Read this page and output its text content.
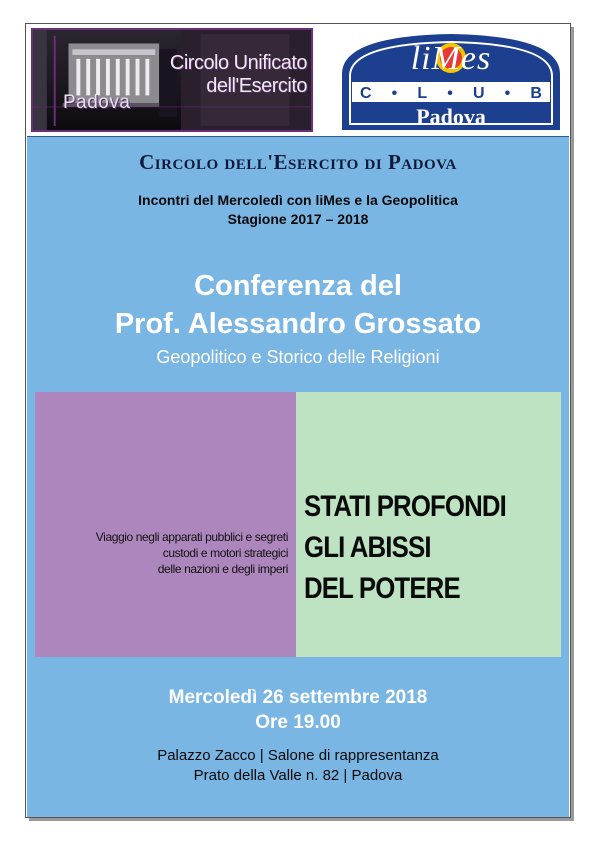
Circolo Unificato
dell'Esercito
Padova
liMes
C • L • U • B
Padova
Circolo dell'Esercito di Padova
Incontri del Mercoledì con liMes e la Geopolitica
Stagione 2017 – 2018
Conferenza del
Prof. Alessandro Grossato
Geopolitico e Storico delle Religioni
Viaggio negli apparati pubblici e segreti
custodi e motori strategici
delle nazioni e degli imperi
STATI PROFONDI
GLI ABISSI
DEL POTERE
Mercoledì 26 settembre 2018
Ore 19.00
Palazzo Zacco | Salone di rappresentanza
Prato della Valle n. 82 | Padova
